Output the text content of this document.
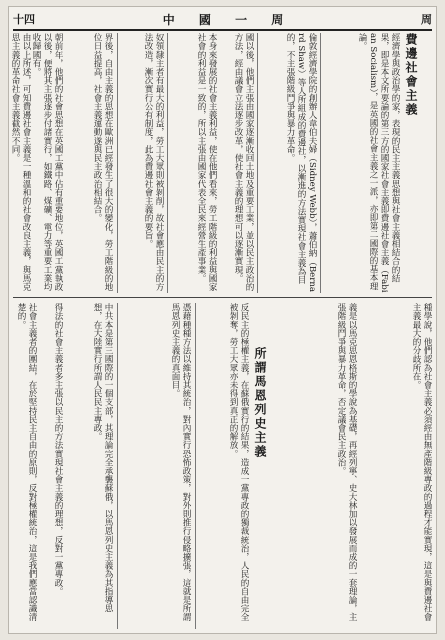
十四	中 國 一 周	周
費邊社會主義
經濟學與政治學的家，表現的民主主義思想與社會主義相結合的結果，即是本文所要論的第三方的國家社會主義即費邊社會主義（Fabian Socialism），是英國的社會主義之一派，亦即第二國際的基本理論。
倫敦經濟學院的創辦人韋伯夫婦（Sidney Webb），蕭伯納（Bernard Shaw）等人所組成的費邊社，以漸進的方法實現社會主義為目的，不主張階級鬥爭與暴力革命。
國以後，他們主張由國家逐漸收回土地及重要工業，並以民主政治的方法，經由議會立法逐步改革，使社會主義的理想可以逐漸實現。
本身來發展的社會主義利益，使在他們看來，勞工階級的利益與國家社會的利益是一致的，所以主張由國家代表全民來經營生產事業。
奴領隸主者有最大的利益，勞工大眾則被剝削，故社會應由民主的方法改造，漸次實行公有制度，此為費邊社會主義的要旨。
界後，自由主義的思想在歐洲已經發生了很大的變化，勞工階級的地位日益提高，社會主義運動遂與民主政治相結合。
朝前年，他們的社會思想在英國工黨中佔有重要地位，英國工黨執政以後，便將其主張逐步付諸實行，如鐵路、煤礦、電力等重要工業均收歸國有。
由以上所述，可知費邊社會主義是一種溫和的社會改良主義，與馬克思主義的革命社會主義截然不同。
種學說，他們認為社會主義必須經由無產階級專政的過程才能實現，這是與費邊社會主義最大的分歧所在。
義是以馬克思恩格斯的學說為基礎，再經列寧、史大林加以發展而成的一套理論，主張階級鬥爭與暴力革命，否定議會民主政治。
所謂馬恩列史主義
反民主的極權主義，在蘇俄實行的結果，造成一黨專政的獨裁統治，人民的自由完全被剝奪，勞工大眾亦未得到真正的解放。
憑藉種種方法以維持其統治，對內實行恐怖政策，對外則推行侵略擴張，這就是所謂馬恩列史主義的真面目。
中共本是第三國際的一個支部，其理論完全承襲蘇俄，以馬恩列史主義為其指導思想，在大陸實行所謂人民民主專政。
得法的社會主義者多主張以民主的方法實現社會主義的理想，反對一黨專政。
社會主義者的團結，在於堅持民主自由的原則，反對極權統治，這是我們應當認識清楚的。
